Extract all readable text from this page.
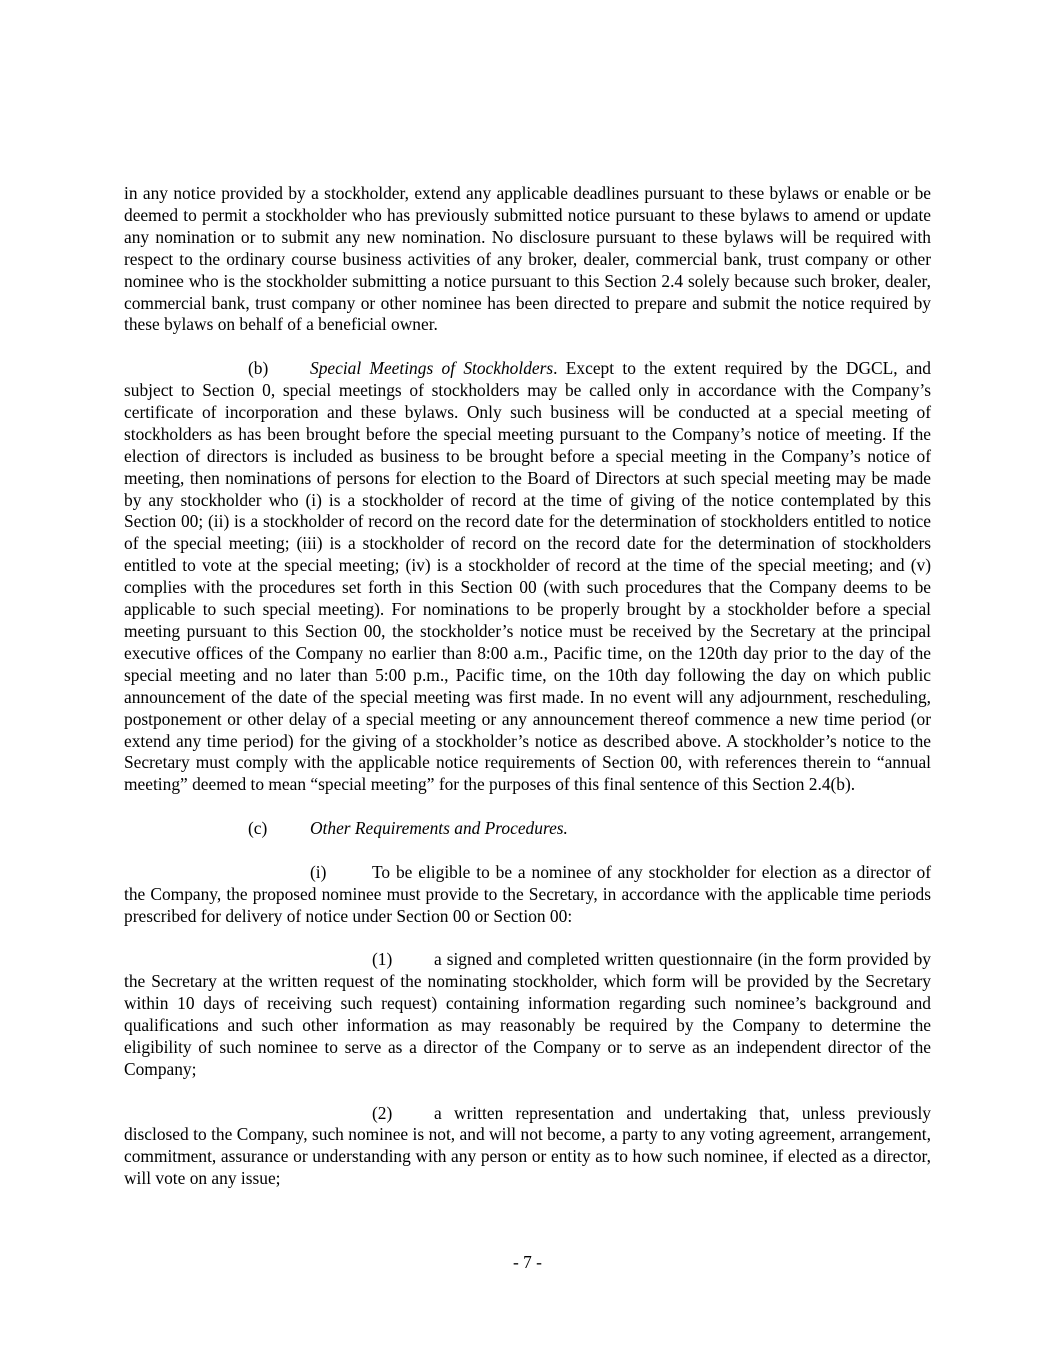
in any notice provided by a stockholder, extend any applicable deadlines pursuant to these bylaws or enable or be deemed to permit a stockholder who has previously submitted notice pursuant to these bylaws to amend or update any nomination or to submit any new nomination. No disclosure pursuant to these bylaws will be required with respect to the ordinary course business activities of any broker, dealer, commercial bank, trust company or other nominee who is the stockholder submitting a notice pursuant to this Section 2.4 solely because such broker, dealer, commercial bank, trust company or other nominee has been directed to prepare and submit the notice required by these bylaws on behalf of a beneficial owner.

(b) Special Meetings of Stockholders. Except to the extent required by the DGCL, and subject to Section 0, special meetings of stockholders may be called only in accordance with the Company’s certificate of incorporation and these bylaws. Only such business will be conducted at a special meeting of stockholders as has been brought before the special meeting pursuant to the Company’s notice of meeting. If the election of directors is included as business to be brought before a special meeting in the Company’s notice of meeting, then nominations of persons for election to the Board of Directors at such special meeting may be made by any stockholder who (i) is a stockholder of record at the time of giving of the notice contemplated by this Section 00; (ii) is a stockholder of record on the record date for the determination of stockholders entitled to notice of the special meeting; (iii) is a stockholder of record on the record date for the determination of stockholders entitled to vote at the special meeting; (iv) is a stockholder of record at the time of the special meeting; and (v) complies with the procedures set forth in this Section 00 (with such procedures that the Company deems to be applicable to such special meeting). For nominations to be properly brought by a stockholder before a special meeting pursuant to this Section 00, the stockholder’s notice must be received by the Secretary at the principal executive offices of the Company no earlier than 8:00 a.m., Pacific time, on the 120th day prior to the day of the special meeting and no later than 5:00 p.m., Pacific time, on the 10th day following the day on which public announcement of the date of the special meeting was first made. In no event will any adjournment, rescheduling, postponement or other delay of a special meeting or any announcement thereof commence a new time period (or extend any time period) for the giving of a stockholder’s notice as described above. A stockholder’s notice to the Secretary must comply with the applicable notice requirements of Section 00, with references therein to “annual meeting” deemed to mean “special meeting” for the purposes of this final sentence of this Section 2.4(b).

(c) Other Requirements and Procedures.

(i)	To be eligible to be a nominee of any stockholder for election as a director of the Company, the proposed nominee must provide to the Secretary, in accordance with the applicable time periods prescribed for delivery of notice under Section 00 or Section 00:

(1) a signed and completed written questionnaire (in the form provided by the Secretary at the written request of the nominating stockholder, which form will be provided by the Secretary within 10 days of receiving such request) containing information regarding such nominee’s background and qualifications and such other information as may reasonably be required by the Company to determine the eligibility of such nominee to serve as a director of the Company or to serve as an independent director of the Company;

(2) a written representation and undertaking that, unless previously disclosed to the Company, such nominee is not, and will not become, a party to any voting agreement, arrangement, commitment, assurance or understanding with any person or entity as to how such nominee, if elected as a director, will vote on any issue;

- 7 -
